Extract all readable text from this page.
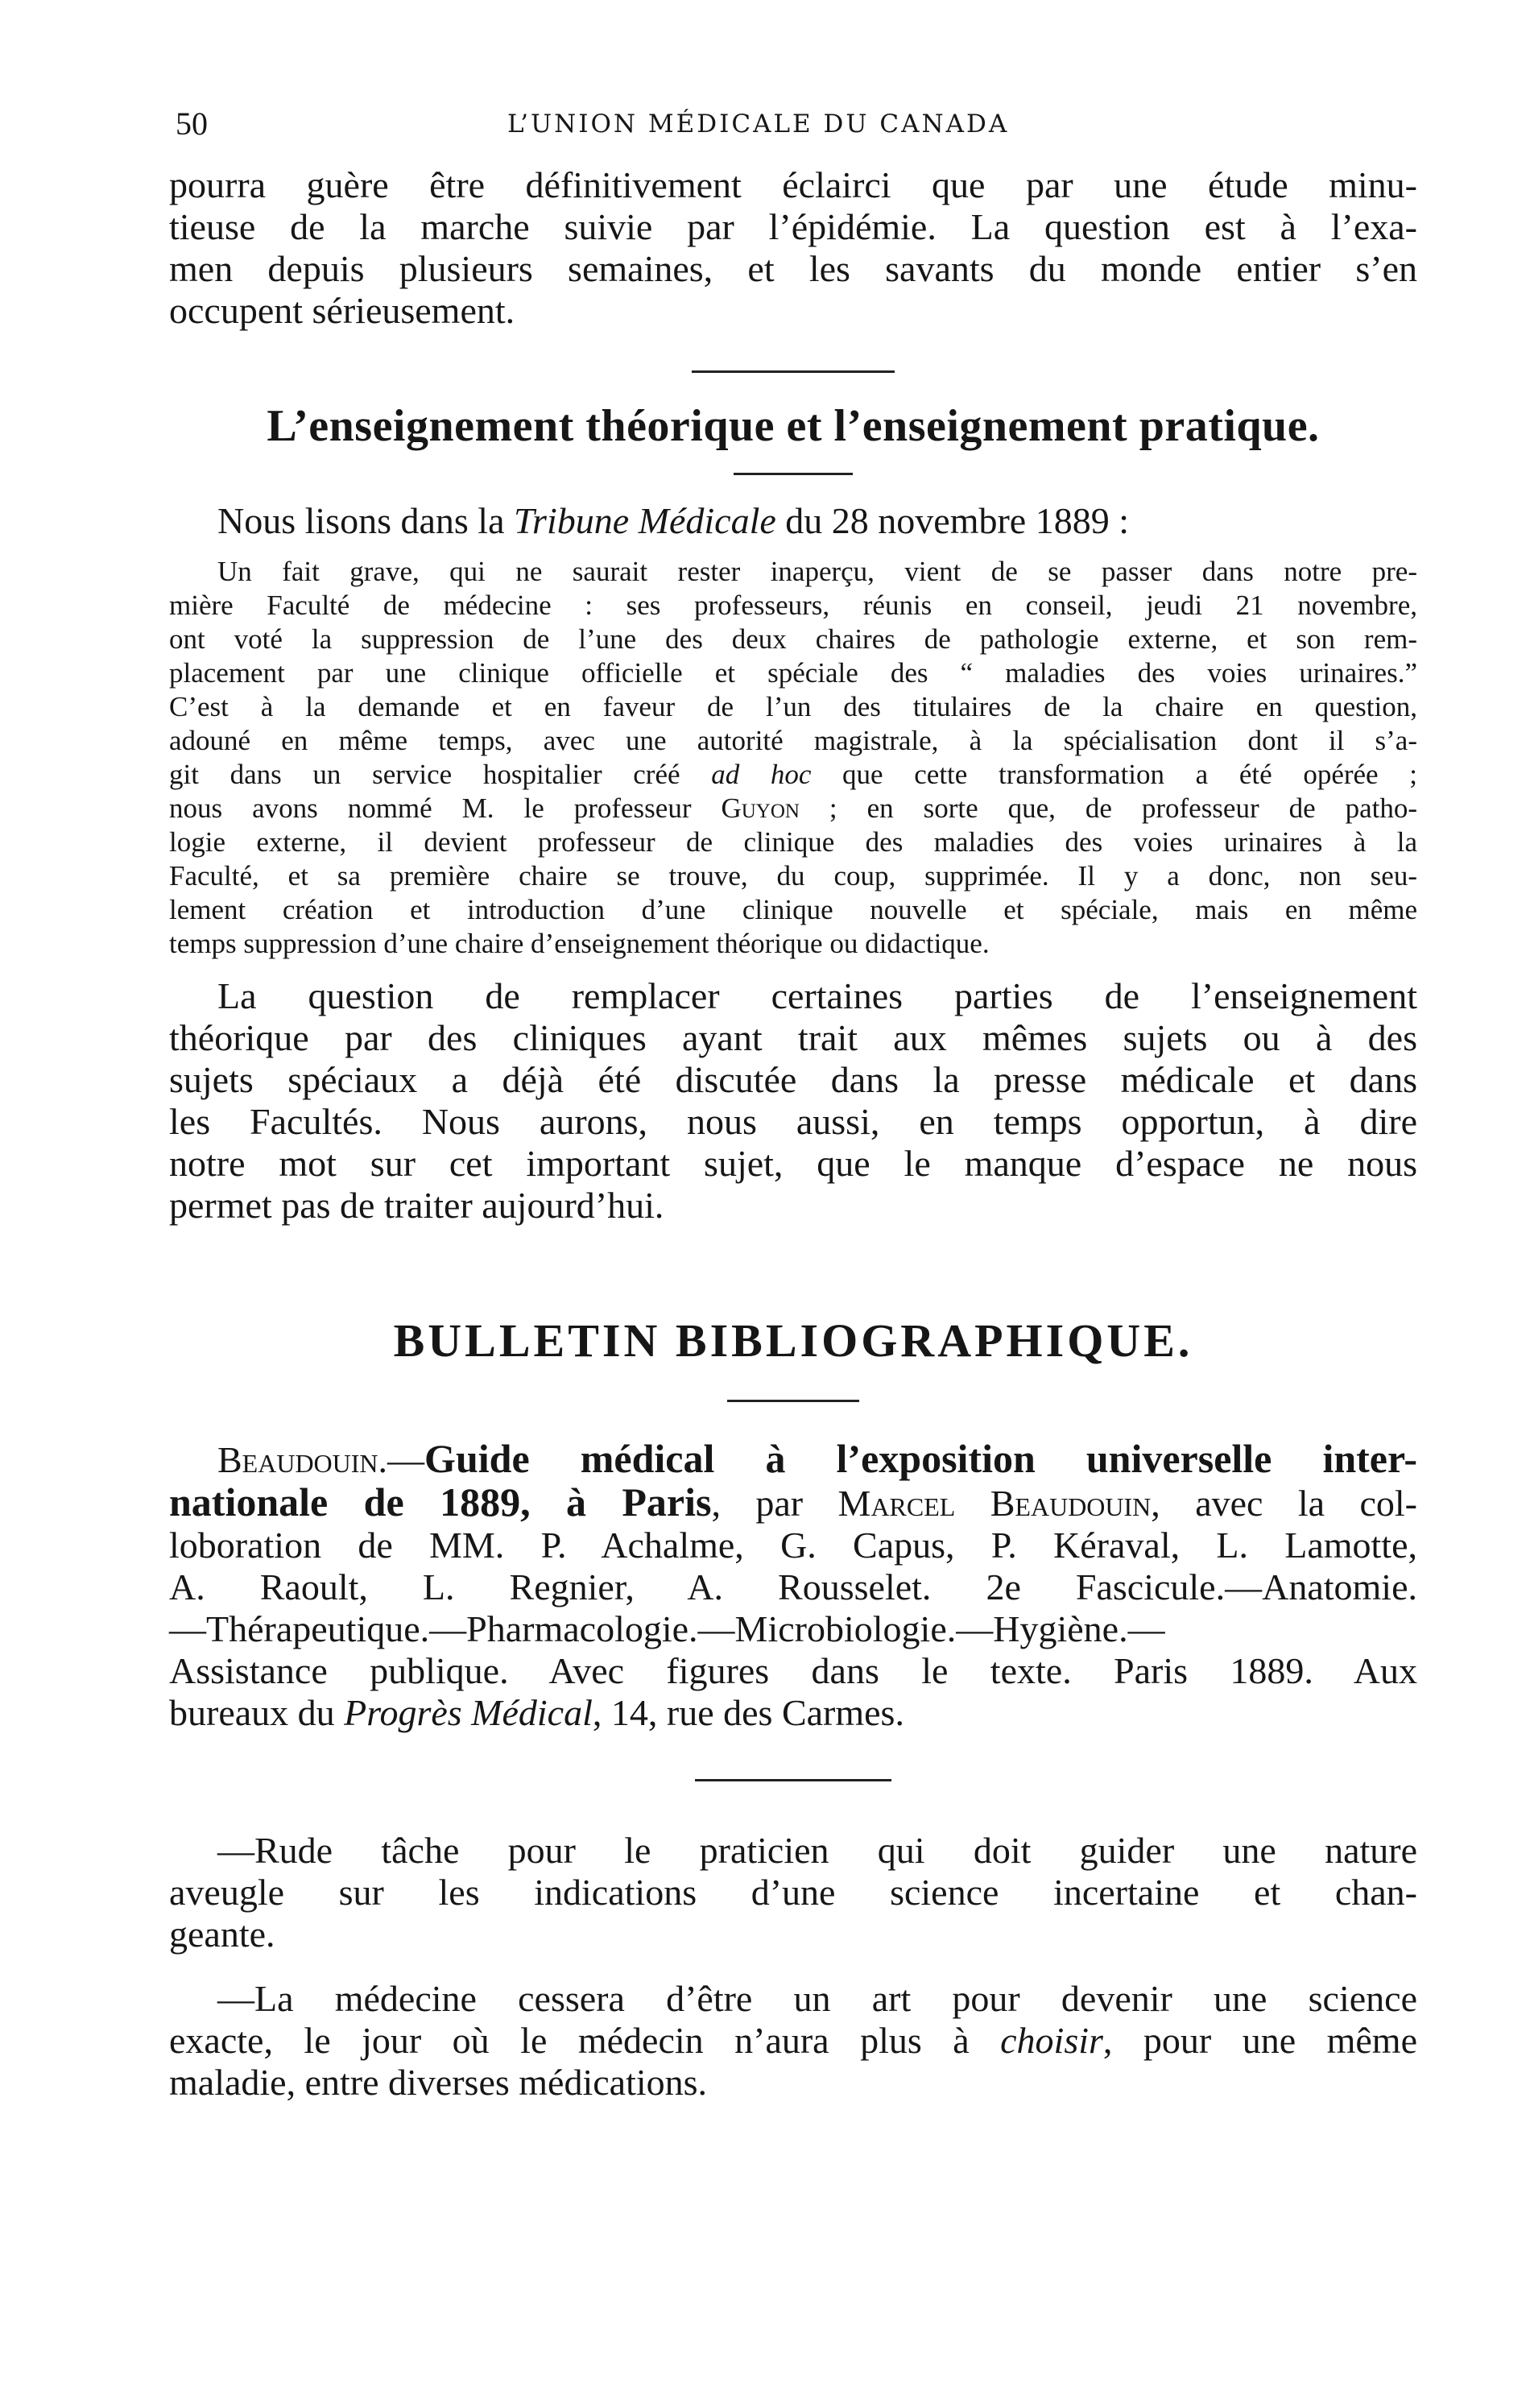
50	L’UNION MÉDICALE DU CANADA
pourra guère être définitivement éclairci que par une étude minu-
tieuse de la marche suivie par l’épidémie. La question est à l’exa-
men depuis plusieurs semaines, et les savants du monde entier s’en
occupent sérieusement.
L’enseignement théorique et l’enseignement pratique.
Nous lisons dans la Tribune Médicale du 28 novembre 1889 :
Un fait grave, qui ne saurait rester inaperçu, vient de se passer dans notre pre-
mière Faculté de médecine : ses professeurs, réunis en conseil, jeudi 21 novembre,
ont voté la suppression de l’une des deux chaires de pathologie externe, et son rem-
placement par une clinique officielle et spéciale des “ maladies des voies urinaires.”
C’est à la demande et en faveur de l’un des titulaires de la chaire en question,
adouné en même temps, avec une autorité magistrale, à la spécialisation dont il s’a-
git dans un service hospitalier créé ad hoc que cette transformation a été opérée ;
nous avons nommé M. le professeur Guyon ; en sorte que, de professeur de patho-
logie externe, il devient professeur de clinique des maladies des voies urinaires à la
Faculté, et sa première chaire se trouve, du coup, supprimée. Il y a donc, non seu-
lement création et introduction d’une clinique nouvelle et spéciale, mais en même
temps suppression d’une chaire d’enseignement théorique ou didactique.
La question de remplacer certaines parties de l’enseignement
théorique par des cliniques ayant trait aux mêmes sujets ou à des
sujets spéciaux a déjà été discutée dans la presse médicale et dans
les Facultés. Nous aurons, nous aussi, en temps opportun, à dire
notre mot sur cet important sujet, que le manque d’espace ne nous
permet pas de traiter aujourd’hui.
BULLETIN BIBLIOGRAPHIQUE.
Beaudouin.—Guide médical à l’exposition universelle inter-
nationale de 1889, à Paris, par Marcel Beaudouin, avec la col-
loboration de MM. P. Achalme, G. Capus, P. Kéraval, L. Lamotte,
A. Raoult, L. Regnier, A. Rousselet. 2e Fascicule.—Anatomie.
—Thérapeutique.—Pharmacologie.—Microbiologie.—Hygiène.—
Assistance publique. Avec figures dans le texte. Paris 1889. Aux
bureaux du Progrès Médical, 14, rue des Carmes.
—Rude tâche pour le praticien qui doit guider une nature
aveugle sur les indications d’une science incertaine et chan-
geante.
—La médecine cessera d’être un art pour devenir une science
exacte, le jour où le médecin n’aura plus à choisir, pour une même
maladie, entre diverses médications.
